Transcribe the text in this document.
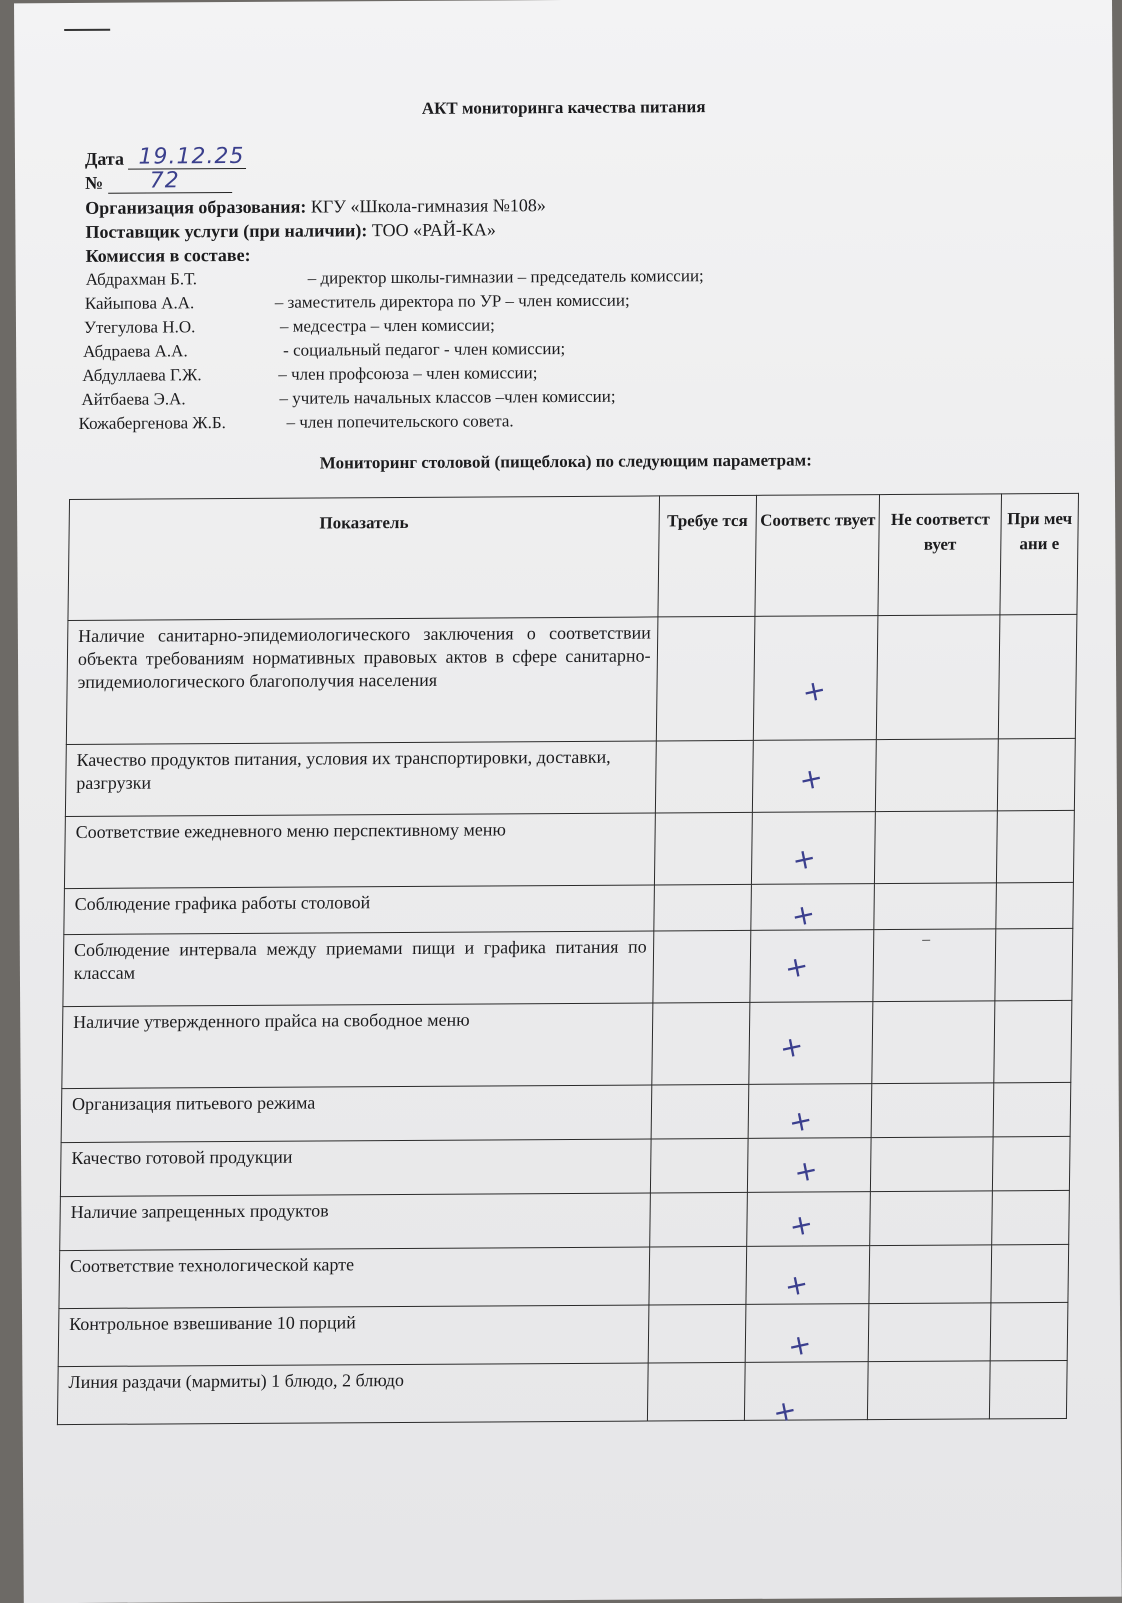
АКТ мониторинга качества питания
Дата 19.12.25
№ 72
Организация образования: КГУ «Школа-гимназия №108»
Поставщик услуги (при наличии): ТОО «РАЙ-КА»
Комиссия в составе:
Абдрахман Б.Т.	– директор школы-гимназии – председатель комиссии;
Кайыпова А.А.	– заместитель директора по УР – член комиссии;
Утегулова Н.О.	– медсестра – член комиссии;
Абдраева А.А.	- социальный педагог - член комиссии;
Абдуллаева Г.Ж.	– член профсоюза – член комиссии;
Айтбаева Э.А.	– учитель начальных классов –член комиссии;
Кожабергенова Ж.Б.	– член попечительского совета.
Мониторинг столовой (пищеблока) по следующим параметрам:
Показатель	Требуе тся	Соответс твует	Не соответст вует	При меч ани е
Наличие санитарно-эпидемиологического заключения о соответствии объекта требованиям нормативных правовых актов в сфере санитарно-эпидемиологического благополучия населения		+		

Качество продуктов питания, условия их транспортировки, доставки, разгрузки		+		

Соответствие ежедневного меню перспективному меню		+		

Соблюдение графика работы столовой		+		

Соблюдение интервала между приемами пищи и графика питания по классам		+		

Наличие утвержденного прайса на свободное меню		+		

Организация питьевого режима		+		

Качество готовой продукции		+		

Наличие запрещенных продуктов		+		

Соответствие технологической карте		+		

Контрольное взвешивание 10 порций		+		

Линия раздачи (мармиты) 1 блюдо, 2 блюдо		+		
